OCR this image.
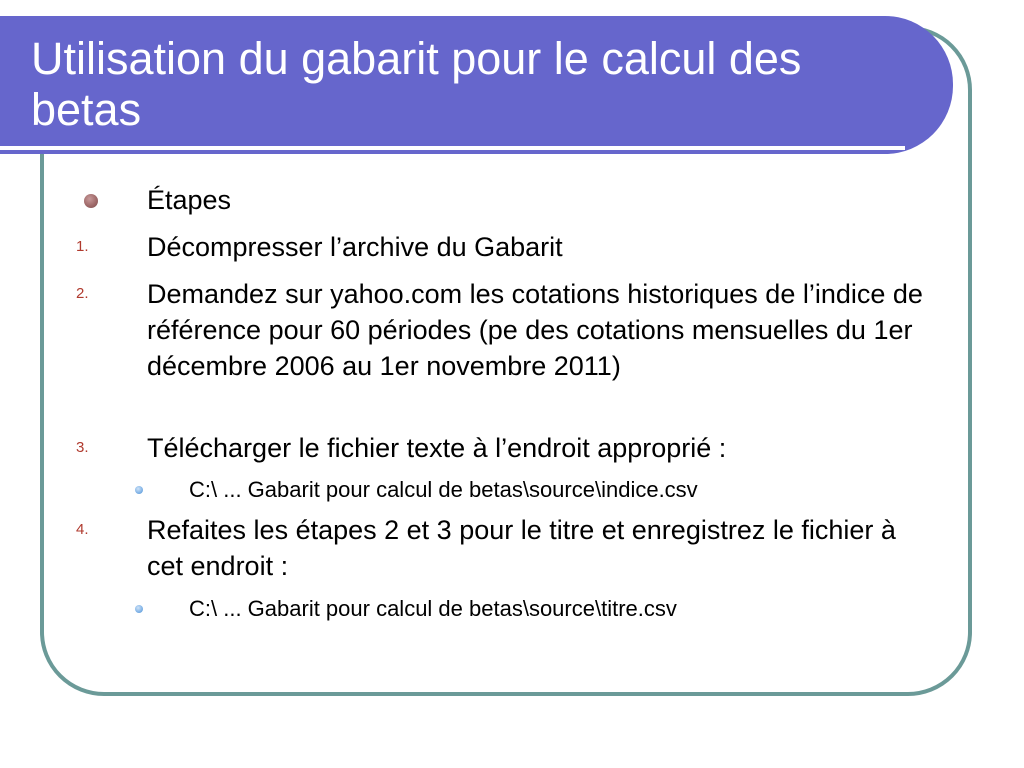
Utilisation du gabarit pour le calcul des betas

Étapes

1. Décompresser l’archive du Gabarit

2. Demandez sur yahoo.com les cotations historiques de l’indice de référence pour 60 périodes (pe des cotations mensuelles du 1er décembre 2006 au 1er novembre 2011)

3. Télécharger le fichier texte à l’endroit approprié :

C:\ ... Gabarit pour calcul de betas\source\indice.csv

4. Refaites les étapes 2 et 3 pour le titre et enregistrez le fichier à cet endroit :

C:\ ... Gabarit pour calcul de betas\source\titre.csv
